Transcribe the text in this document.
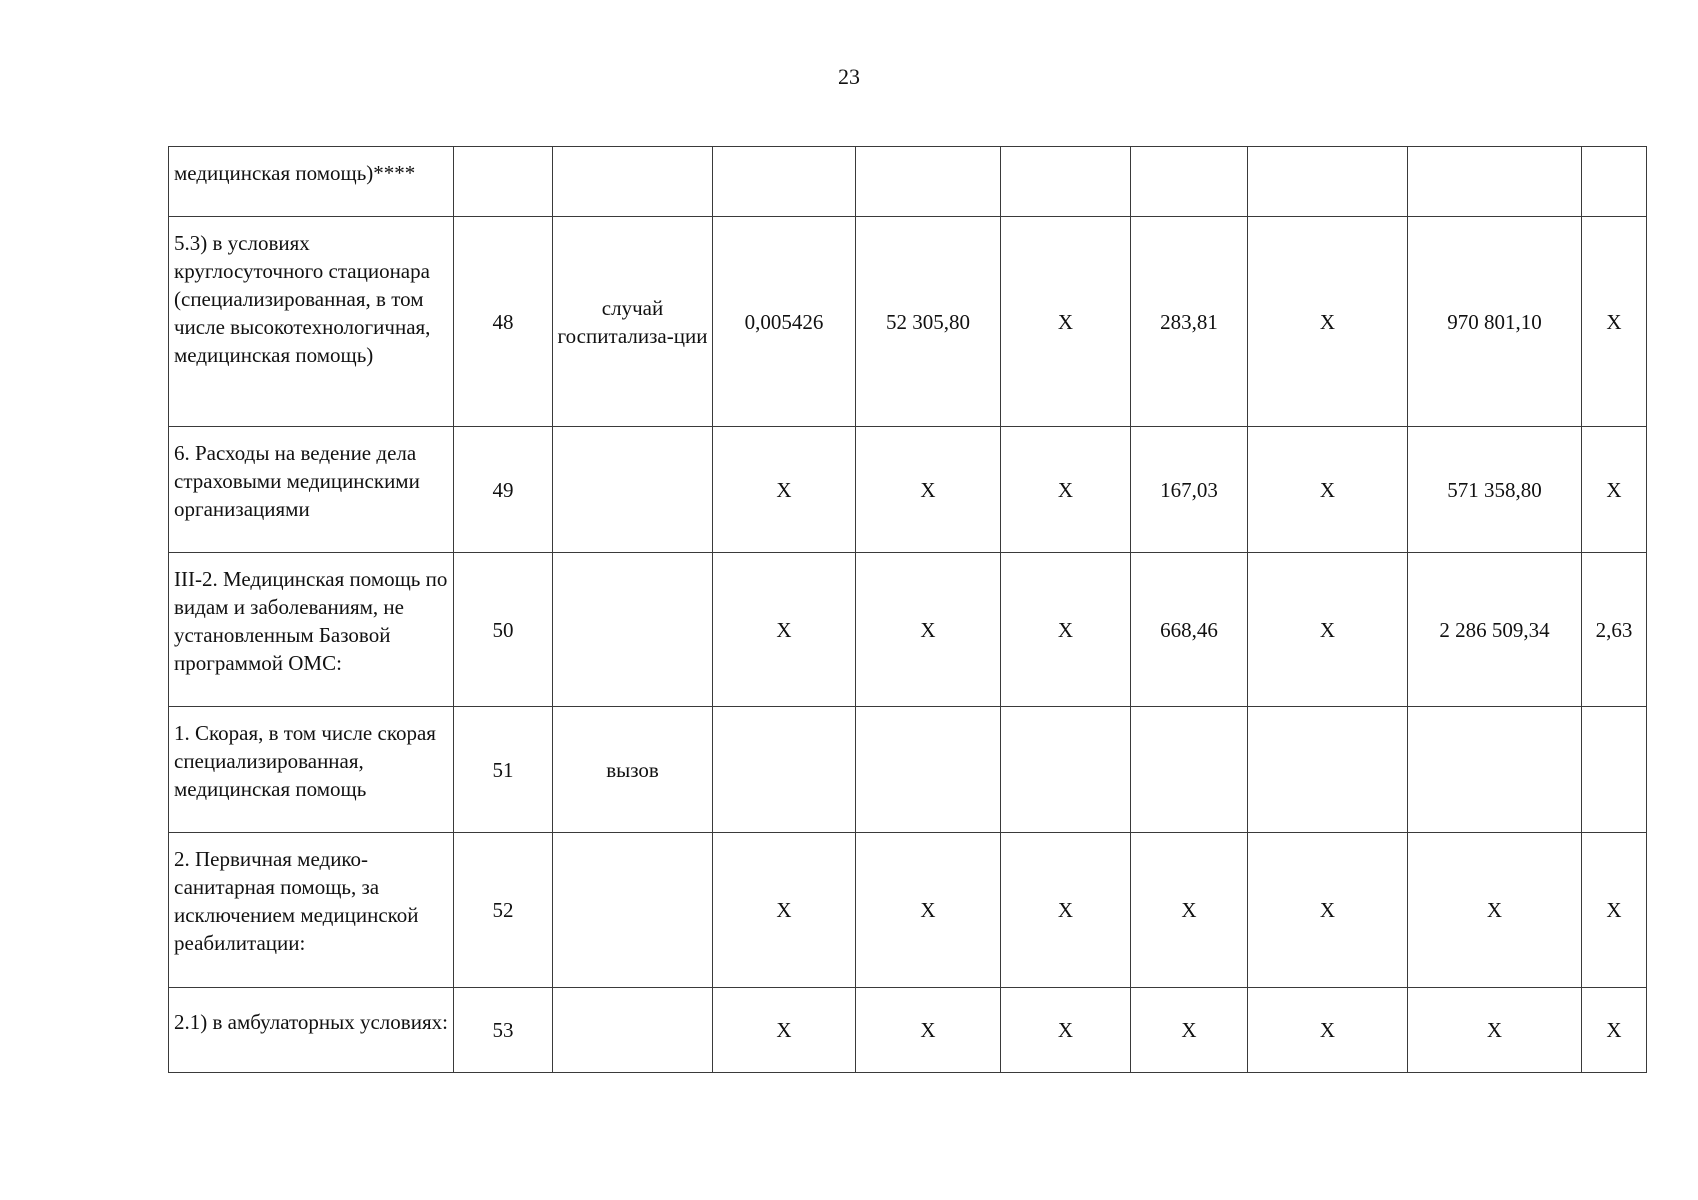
23
медицинская помощь)****									
5.3) в условиях круглосуточного стационара (специализированная, в том числе высокотехнологичная, медицинская помощь)	48	случай госпитализа-ции	0,005426	52 305,80	X	283,81	X	970 801,10	X
6. Расходы на ведение дела страховыми медицинскими организациями	49		X	X	X	167,03	X	571 358,80	X
III-2. Медицинская помощь по видам и заболеваниям, не установленным Базовой программой ОМС:	50		X	X	X	668,46	X	2 286 509,34	2,63
1. Скорая, в том числе скорая специализированная, медицинская помощь	51	вызов							
2. Первичная медико-санитарная помощь, за исключением медицинской реабилитации:	52		X	X	X	X	X	X	X
2.1) в амбулаторных условиях:	53		X	X	X	X	X	X	X
